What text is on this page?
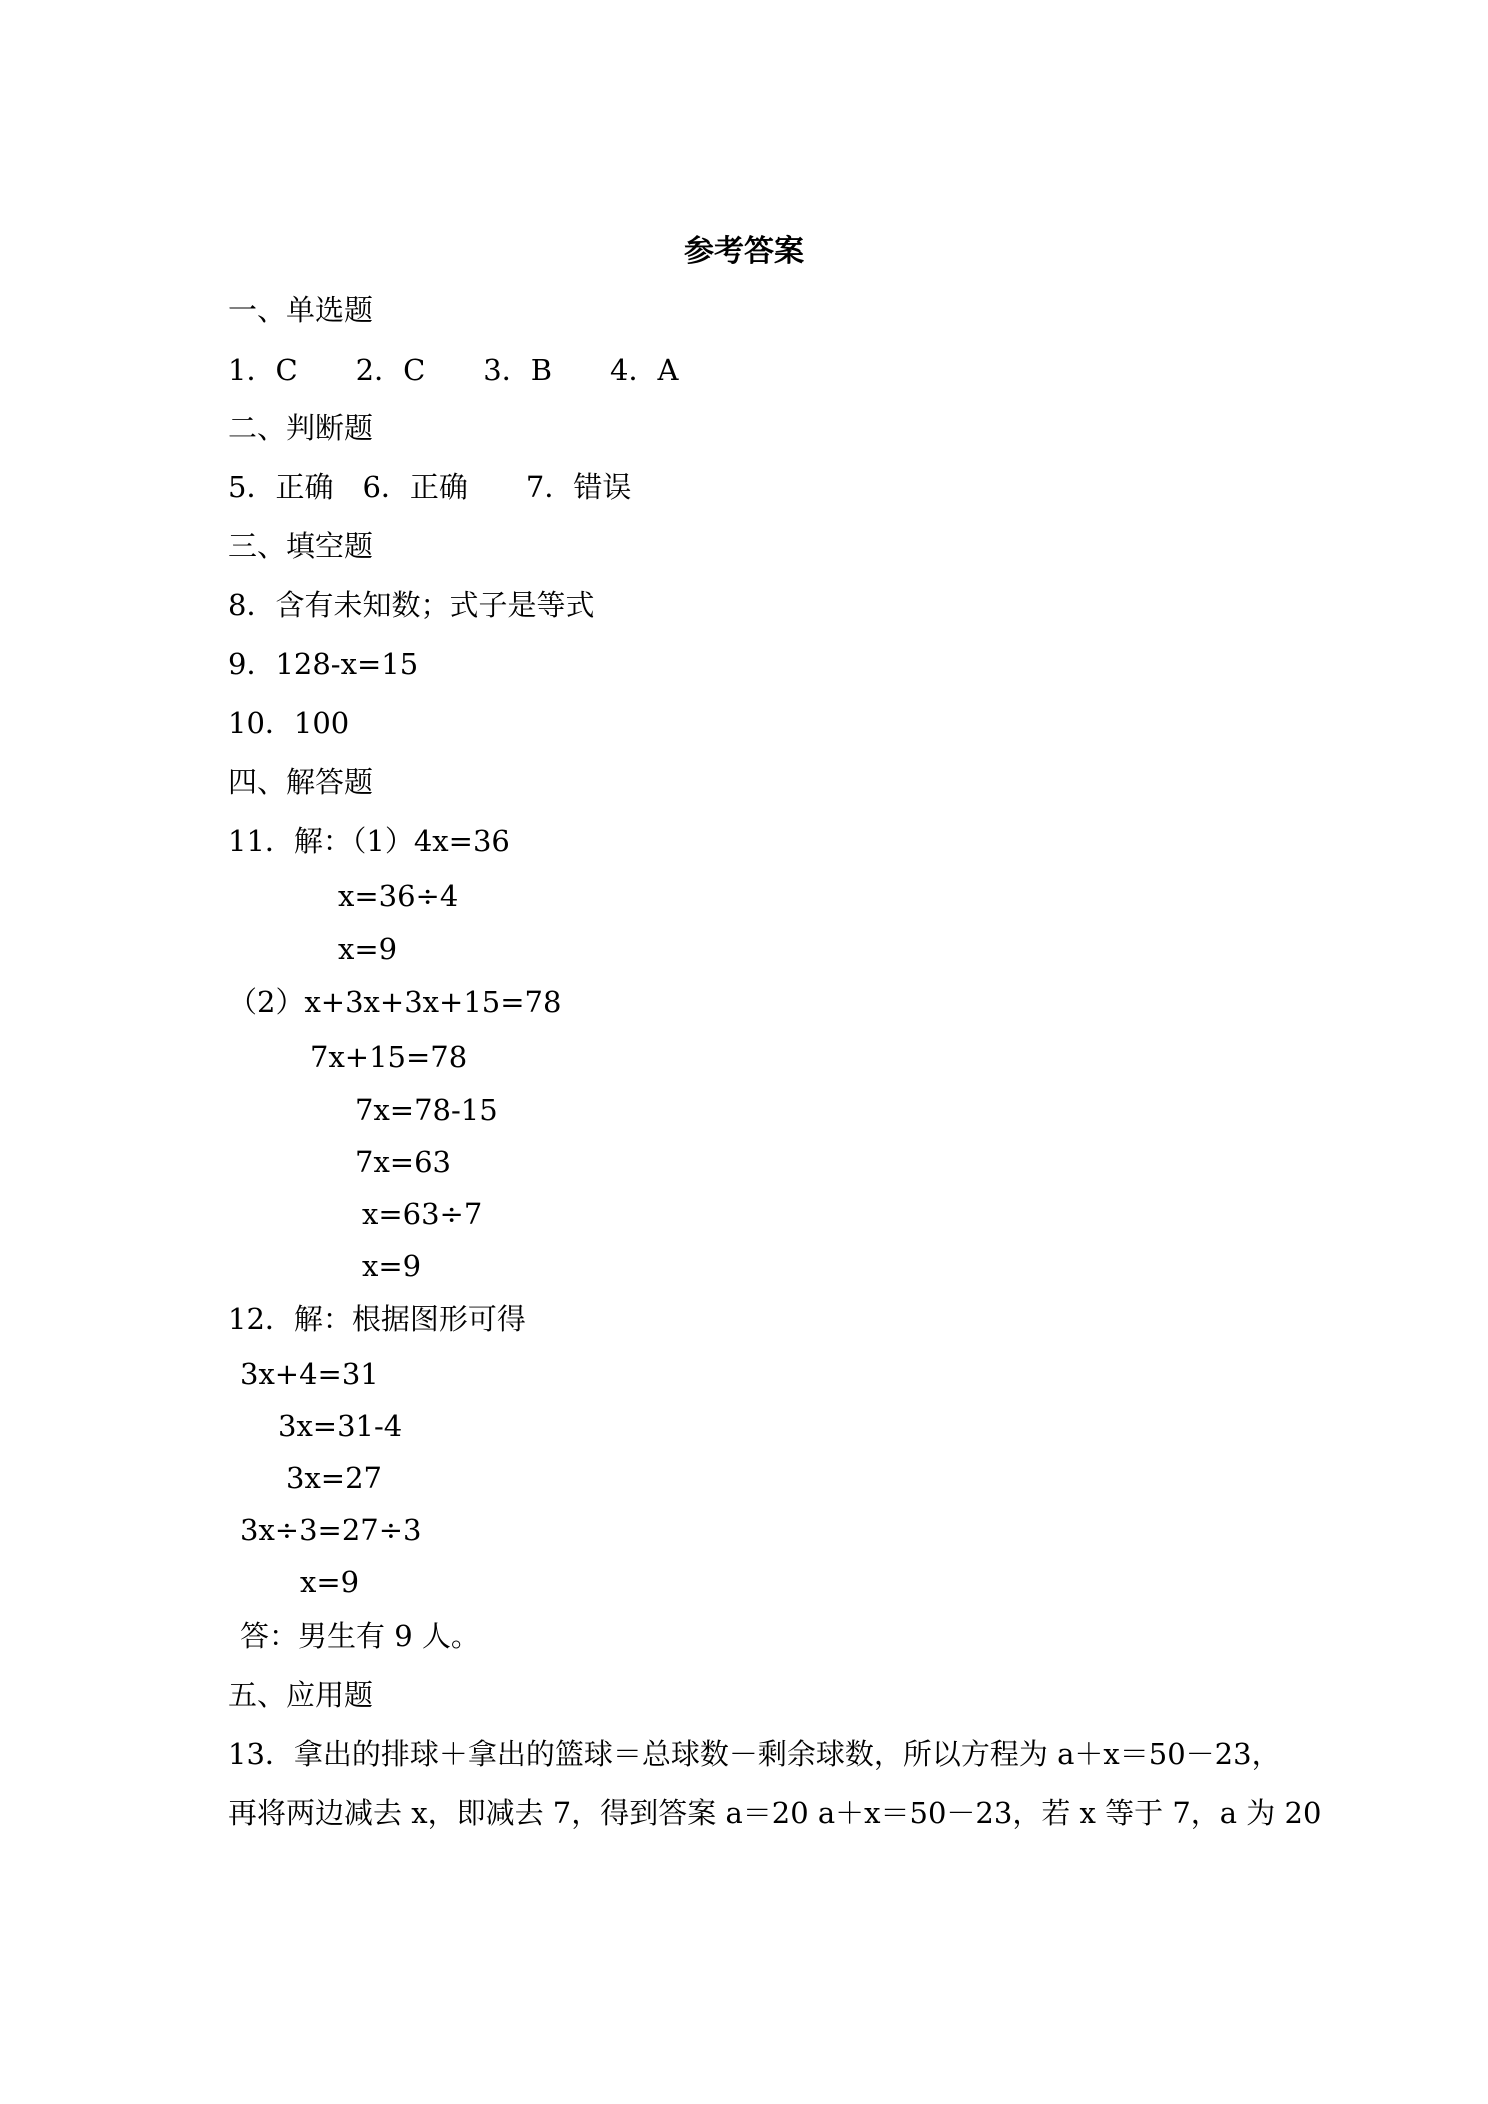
参考答案
一、单选题
1．C　　2．C　　3．B　　4．A
二、判断题
5．正确　6．正确　　7．错误
三、填空题
8．含有未知数；式子是等式
9．128-x=15
10．100
四、解答题
11．解：（1）4x=36
x=36÷4
x=9
（2）x+3x+3x+15=78
7x+15=78
7x=78-15
7x=63
x=63÷7
x=9
12．解：根据图形可得
3x+4=31
3x=31-4
3x=27
3x÷3=27÷3
x=9
答：男生有 9 人。
五、应用题
13．拿出的排球＋拿出的篮球＝总球数－剩余球数，所以方程为 a＋x＝50－23，
再将两边减去 x，即减去 7，得到答案 a＝20 a＋x＝50－23，若 x 等于 7，a 为 20
